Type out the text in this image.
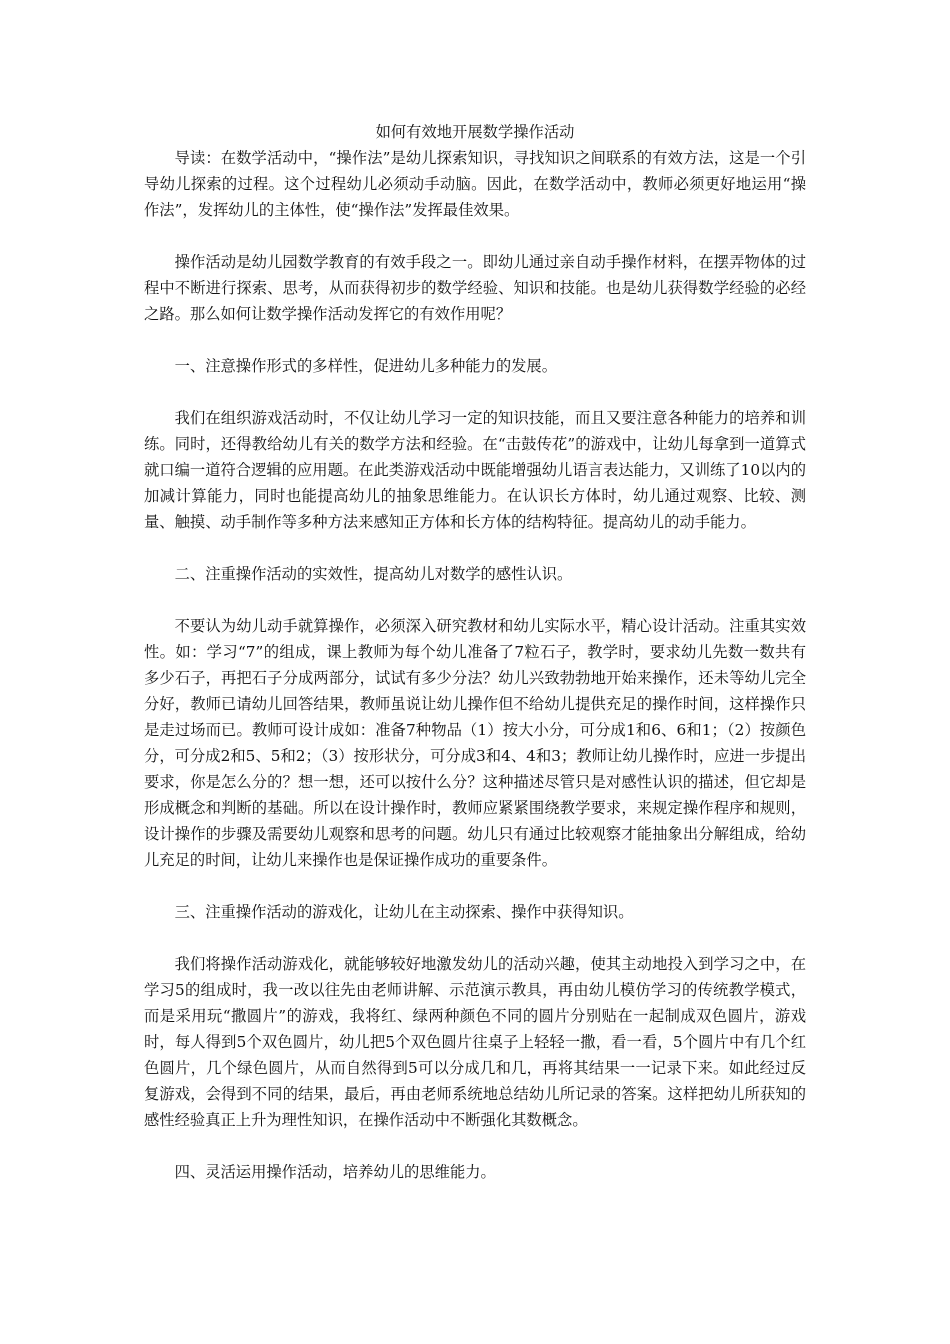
如何有效地开展数学操作活动

导读：在数学活动中，“操作法”是幼儿探索知识，寻找知识之间联系的有效方法，这是一个引导幼儿探索的过程。这个过程幼儿必须动手动脑。因此，在数学活动中，教师必须更好地运用“操作法”，发挥幼儿的主体性，使“操作法”发挥最佳效果。

操作活动是幼儿园数学教育的有效手段之一。即幼儿通过亲自动手操作材料，在摆弄物体的过程中不断进行探索、思考，从而获得初步的数学经验、知识和技能。也是幼儿获得数学经验的必经之路。那么如何让数学操作活动发挥它的有效作用呢？

一、注意操作形式的多样性，促进幼儿多种能力的发展。

我们在组织游戏活动时，不仅让幼儿学习一定的知识技能，而且又要注意各种能力的培养和训练。同时，还得教给幼儿有关的数学方法和经验。在“击鼓传花”的游戏中，让幼儿每拿到一道算式就口编一道符合逻辑的应用题。在此类游戏活动中既能增强幼儿语言表达能力，又训练了10以内的加减计算能力，同时也能提高幼儿的抽象思维能力。在认识长方体时，幼儿通过观察、比较、测量、触摸、动手制作等多种方法来感知正方体和长方体的结构特征。提高幼儿的动手能力。

二、注重操作活动的实效性，提高幼儿对数学的感性认识。

不要认为幼儿动手就算操作，必须深入研究教材和幼儿实际水平，精心设计活动。注重其实效性。如：学习“7”的组成，课上教师为每个幼儿准备了7粒石子，教学时，要求幼儿先数一数共有多少石子，再把石子分成两部分，试试有多少分法？幼儿兴致勃勃地开始来操作，还未等幼儿完全分好，教师已请幼儿回答结果，教师虽说让幼儿操作但不给幼儿提供充足的操作时间，这样操作只是走过场而已。教师可设计成如：准备7种物品（1）按大小分，可分成1和6、6和1；（2）按颜色分，可分成2和5、5和2；（3）按形状分，可分成3和4、4和3；教师让幼儿操作时，应进一步提出要求，你是怎么分的？想一想，还可以按什么分？这种描述尽管只是对感性认识的描述，但它却是形成概念和判断的基础。所以在设计操作时，教师应紧紧围绕教学要求，来规定操作程序和规则，设计操作的步骤及需要幼儿观察和思考的问题。幼儿只有通过比较观察才能抽象出分解组成，给幼儿充足的时间，让幼儿来操作也是保证操作成功的重要条件。

三、注重操作活动的游戏化，让幼儿在主动探索、操作中获得知识。

我们将操作活动游戏化，就能够较好地激发幼儿的活动兴趣，使其主动地投入到学习之中，在学习5的组成时，我一改以往先由老师讲解、示范演示教具，再由幼儿模仿学习的传统教学模式，而是采用玩“撒圆片”的游戏，我将红、绿两种颜色不同的圆片分别贴在一起制成双色圆片，游戏时，每人得到5个双色圆片，幼儿把5个双色圆片往桌子上轻轻一撒，看一看，5个圆片中有几个红色圆片，几个绿色圆片，从而自然得到5可以分成几和几，再将其结果一一记录下来。如此经过反复游戏，会得到不同的结果，最后，再由老师系统地总结幼儿所记录的答案。这样把幼儿所获知的感性经验真正上升为理性知识，在操作活动中不断强化其数概念。

四、灵活运用操作活动，培养幼儿的思维能力。
